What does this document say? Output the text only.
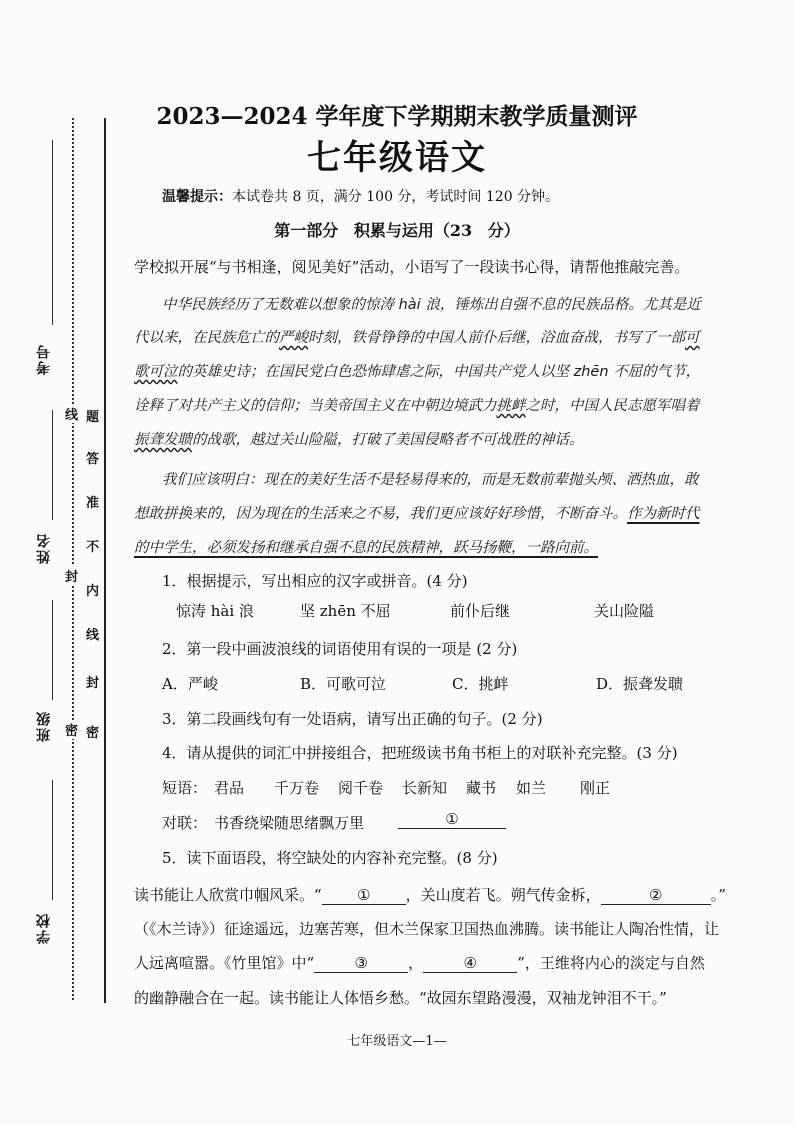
考号
姓名
班级
学校
线
封
密
题
答
准
不
内
线
封
密
2023—2024 学年度下学期期末教学质量测评
七年级语文
温馨提示：本试卷共 8 页，满分 100 分，考试时间 120 分钟。
第一部分 积累与运用（23 分）
学校拟开展“与书相逢，阅见美好”活动，小语写了一段读书心得，请帮他推敲完善。
中华民族经历了无数难以想象的惊涛 hài 浪，锤炼出自强不息的民族品格。尤其是近
代以来，在民族危亡的严峻时刻，铁骨铮铮的中国人前仆后继，浴血奋战，书写了一部可
歌可泣的英雄史诗；在国民党白色恐怖肆虐之际，中国共产党人以坚 zhēn 不屈的气节，
诠释了对共产主义的信仰；当美帝国主义在中朝边境武力挑衅之时，中国人民志愿军唱着
振聋发聩的战歌，越过关山险隘，打破了美国侵略者不可战胜的神话。
我们应该明白：现在的美好生活不是轻易得来的，而是无数前辈抛头颅、洒热血，敢
想敢拼换来的，因为现在的生活来之不易，我们更应该好好珍惜，不断奋斗。作为新时代
的中学生，必须发扬和继承自强不息的民族精神，跃马扬鞭，一路向前。
1．根据提示，写出相应的汉字或拼音。(4 分)
惊涛 hài 浪	坚 zhēn 不屈	前仆后继	关山险隘
2．第一段中画波浪线的词语使用有误的一项是 (2 分)
A．严峻	B．可歌可泣	C．挑衅	D．振聋发聩
3．第二段画线句有一处语病，请写出正确的句子。(2 分)
4．请从提供的词汇中拼接组合，把班级读书角书柜上的对联补充完整。(3 分)
短语： 君品 千万卷 阅千卷 长新知 藏书 如兰 刚正
对联： 书香绕梁随思绪飘万里	①
5．读下面语段，将空缺处的内容补充完整。(8 分)
读书能让人欣赏巾帼风采。“ ① ，关山度若飞。朔气传金柝，	②	。”
（《木兰诗》）征途遥远，边塞苦寒，但木兰保家卫国热血沸腾。读书能让人陶冶性情，让
人远离喧嚣。《竹里馆》中“	③	，	④	”，王维将内心的淡定与自然
的幽静融合在一起。读书能让人体悟乡愁。“故园东望路漫漫，双袖龙钟泪不干。”
七年级语文—1—
